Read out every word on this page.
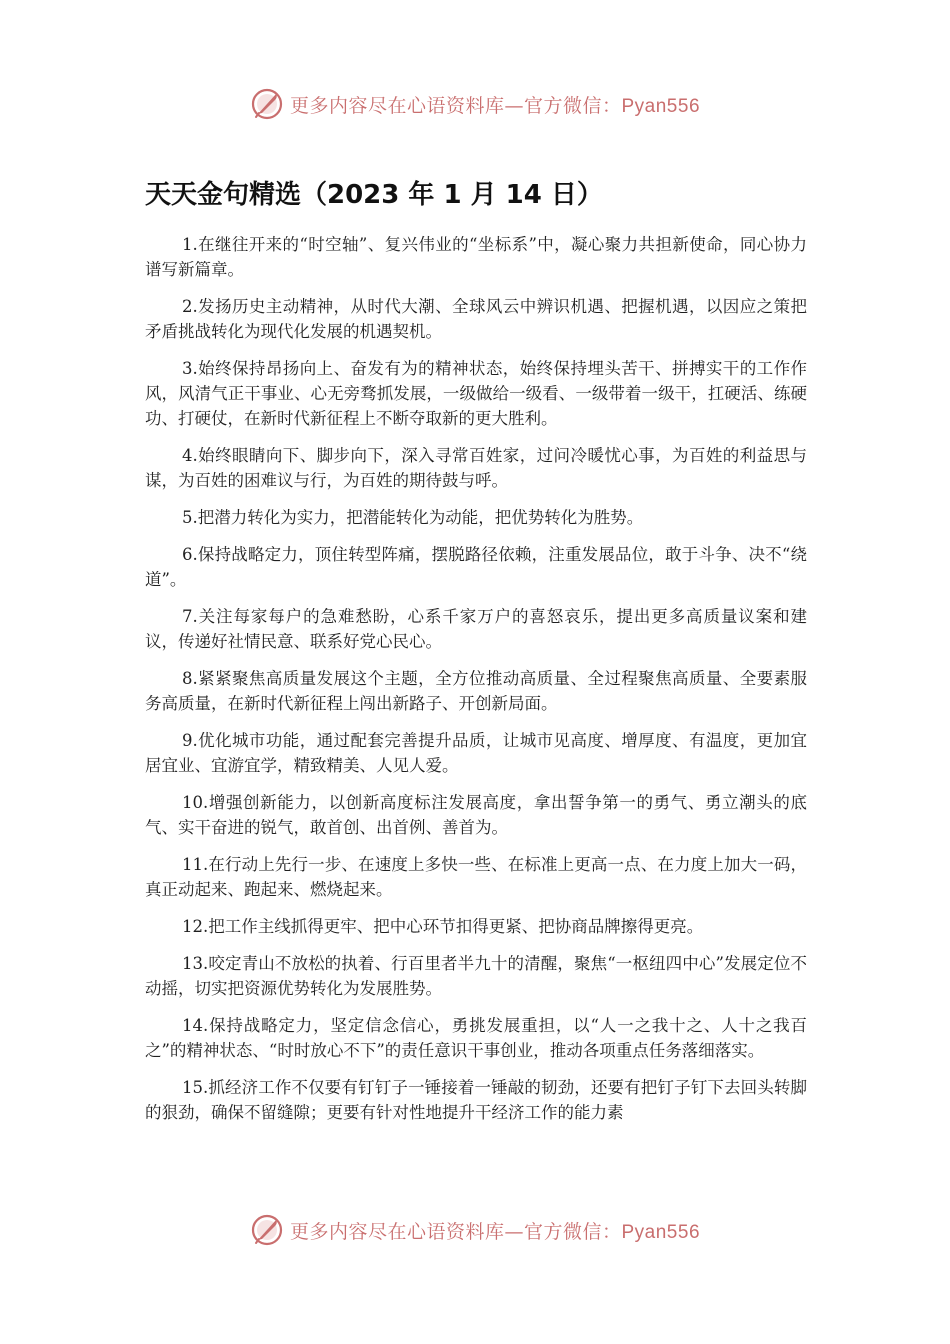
更多内容尽在心语资料库—官方微信：Pyan556
天天金句精选（2023 年 1 月 14 日）

1.在继往开来的“时空轴”、复兴伟业的“坐标系”中，凝心聚力共担新使命，同心协力谱写新篇章。

2.发扬历史主动精神，从时代大潮、全球风云中辨识机遇、把握机遇，以因应之策把矛盾挑战转化为现代化发展的机遇契机。

3.始终保持昂扬向上、奋发有为的精神状态，始终保持埋头苦干、拼搏实干的工作作风，风清气正干事业、心无旁骛抓发展，一级做给一级看、一级带着一级干，扛硬活、练硬功、打硬仗，在新时代新征程上不断夺取新的更大胜利。

4.始终眼睛向下、脚步向下，深入寻常百姓家，过问冷暖忧心事，为百姓的利益思与谋，为百姓的困难议与行，为百姓的期待鼓与呼。

5.把潜力转化为实力，把潜能转化为动能，把优势转化为胜势。

6.保持战略定力，顶住转型阵痛，摆脱路径依赖，注重发展品位，敢于斗争、决不“绕道”。

7.关注每家每户的急难愁盼，心系千家万户的喜怒哀乐，提出更多高质量议案和建议，传递好社情民意、联系好党心民心。

8.紧紧聚焦高质量发展这个主题，全方位推动高质量、全过程聚焦高质量、全要素服务高质量，在新时代新征程上闯出新路子、开创新局面。

9.优化城市功能，通过配套完善提升品质，让城市见高度、增厚度、有温度，更加宜居宜业、宜游宜学，精致精美、人见人爱。

10.增强创新能力，以创新高度标注发展高度，拿出誓争第一的勇气、勇立潮头的底气、实干奋进的锐气，敢首创、出首例、善首为。

11.在行动上先行一步、在速度上多快一些、在标准上更高一点、在力度上加大一码，真正动起来、跑起来、燃烧起来。

12.把工作主线抓得更牢、把中心环节扣得更紧、把协商品牌擦得更亮。

13.咬定青山不放松的执着、行百里者半九十的清醒，聚焦“一枢纽四中心”发展定位不动摇，切实把资源优势转化为发展胜势。

14.保持战略定力，坚定信念信心，勇挑发展重担，以“人一之我十之、人十之我百之”的精神状态、“时时放心不下”的责任意识干事创业，推动各项重点任务落细落实。

15.抓经济工作不仅要有钉钉子一锤接着一锤敲的韧劲，还要有把钉子钉下去回头转脚的狠劲，确保不留缝隙；更要有针对性地提升干经济工作的能力素

更多内容尽在心语资料库—官方微信：Pyan556
